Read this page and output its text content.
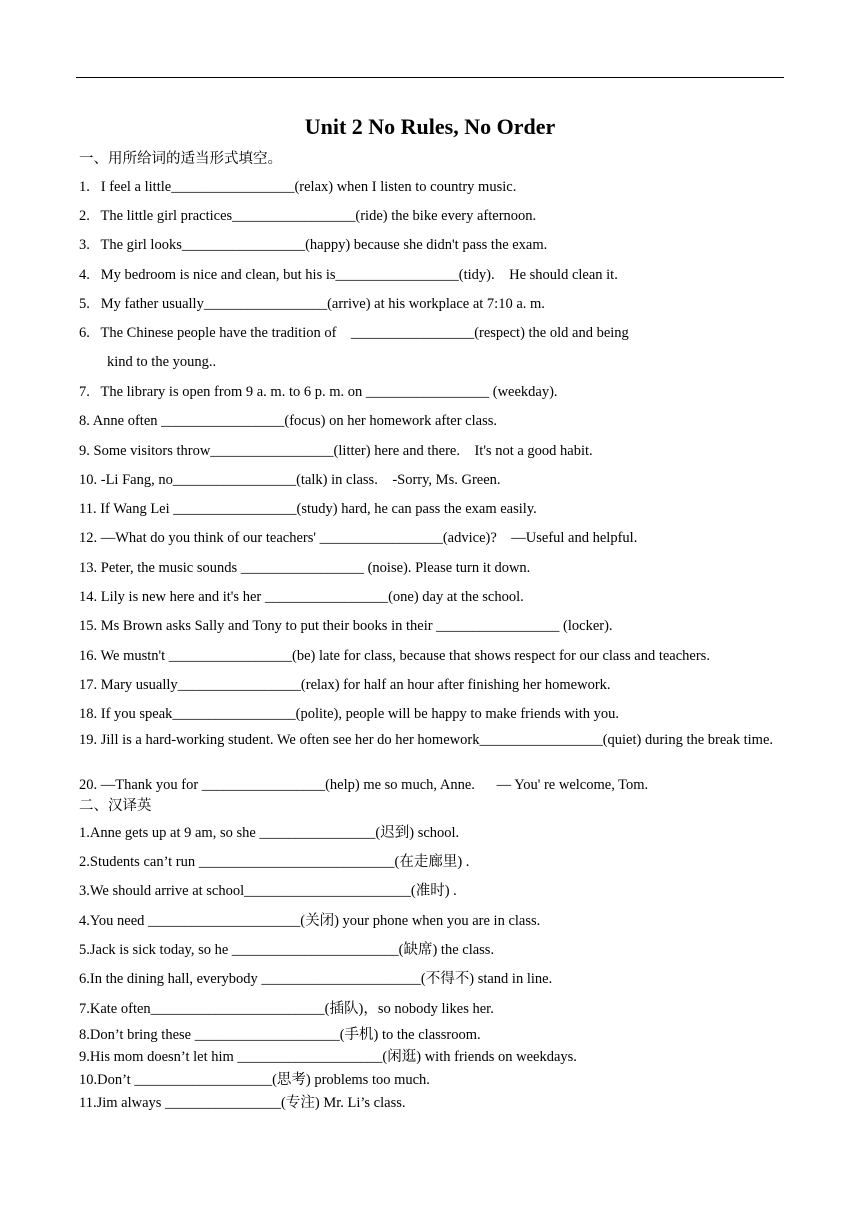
Unit 2 No Rules, No Order
一、用所给词的适当形式填空。
1.   I feel a little_________________(relax) when I listen to country music.
2.   The little girl practices_________________(ride) the bike every afternoon.
3.   The girl looks_________________(happy) because she didn't pass the exam.
4.   My bedroom is nice and clean, but his is_________________(tidy).    He should clean it.
5.   My father usually_________________(arrive) at his workplace at 7:10 a. m.
6.   The Chinese people have the tradition of    _________________(respect) the old and being
kind to the young..
7.   The library is open from 9 a. m. to 6 p. m. on _________________ (weekday).
8. Anne often _________________(focus) on her homework after class.
9. Some visitors throw_________________(litter) here and there.    It's not a good habit.
10. -Li Fang, no_________________(talk) in class.    -Sorry, Ms. Green.
11. If Wang Lei _________________(study) hard, he can pass the exam easily.
12. —What do you think of our teachers' _________________(advice)?    —Useful and helpful.
13. Peter, the music sounds _________________ (noise). Please turn it down.
14. Lily is new here and it's her _________________(one) day at the school.
15. Ms Brown asks Sally and Tony to put their books in their _________________ (locker).
16. We mustn't _________________(be) late for class, because that shows respect for our class and teachers.
17. Mary usually_________________(relax) for half an hour after finishing her homework.
18. If you speak_________________(polite), people will be happy to make friends with you.
19. Jill is a hard-working student. We often see her do her homework_________________(quiet) during the break time.
20. —Thank you for _________________(help) me so much, Anne.      — You' re welcome, Tom.
二、汉译英
1.Anne gets up at 9 am, so she ________________(迟到) school.
2.Students can’t run ___________________________(在走廊里) .
3.We should arrive at school_______________________(准时) .
4.You need _____________________(关闭) your phone when you are in class.
5.Jack is sick today, so he _______________________(缺席) the class.
6.In the dining hall, everybody ______________________(不得不) stand in line.
7.Kate often________________________(插队)，so nobody likes her.
8.Don’t bring these ____________________(手机) to the classroom.
9.His mom doesn’t let him ____________________(闲逛) with friends on weekdays.
10.Don’t ___________________(思考) problems too much.
11.Jim always ________________(专注) Mr. Li’s class.
